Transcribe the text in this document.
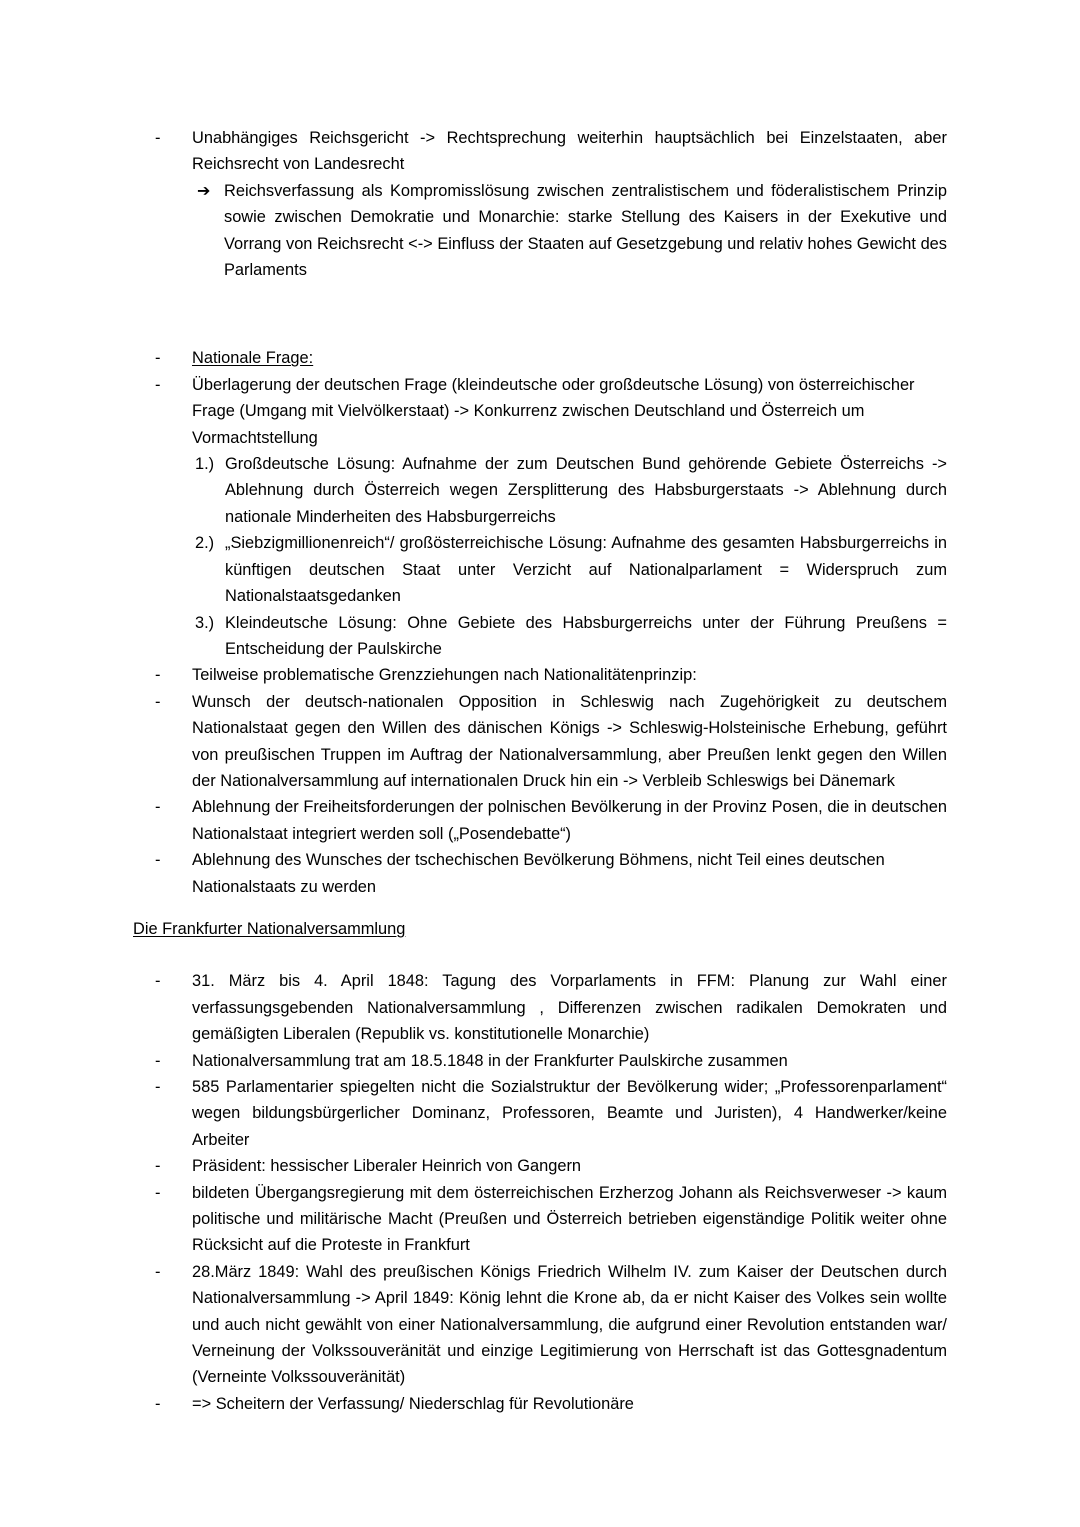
-	Unabhängiges Reichsgericht -> Rechtsprechung weiterhin hauptsächlich bei Einzelstaaten, aber Reichsrecht von Landesrecht
➔ Reichsverfassung als Kompromisslösung zwischen zentralistischem und föderalistischem Prinzip sowie zwischen Demokratie und Monarchie: starke Stellung des Kaisers in der Exekutive und Vorrang von Reichsrecht <-> Einfluss der Staaten auf Gesetzgebung und relativ hohes Gewicht des Parlaments
-	Nationale Frage:
-	Überlagerung der deutschen Frage (kleindeutsche oder großdeutsche Lösung) von österreichischer Frage (Umgang mit Vielvölkerstaat) -> Konkurrenz zwischen Deutschland und Österreich um Vormachtstellung
1.) Großdeutsche Lösung: Aufnahme der zum Deutschen Bund gehörende Gebiete Österreichs -> Ablehnung durch Österreich wegen Zersplitterung des Habsburgerstaats -> Ablehnung durch nationale Minderheiten des Habsburgerreichs
2.) „Siebzigmillionenreich“/ großösterreichische Lösung: Aufnahme des gesamten Habsburgerreichs in künftigen deutschen Staat unter Verzicht auf Nationalparlament = Widerspruch zum Nationalstaatsgedanken
3.) Kleindeutsche Lösung: Ohne Gebiete des Habsburgerreichs unter der Führung Preußens = Entscheidung der Paulskirche
-	Teilweise problematische Grenzziehungen nach Nationalitätenprinzip:
-	Wunsch der deutsch-nationalen Opposition in Schleswig nach Zugehörigkeit zu deutschem Nationalstaat gegen den Willen des dänischen Königs -> Schleswig-Holsteinische Erhebung, geführt von preußischen Truppen im Auftrag der Nationalversammlung, aber Preußen lenkt gegen den Willen der Nationalversammlung auf internationalen Druck hin ein -> Verbleib Schleswigs bei Dänemark
-	Ablehnung der Freiheitsforderungen der polnischen Bevölkerung in der Provinz Posen, die in deutschen Nationalstaat integriert werden soll („Posendebatte“)
-	Ablehnung des Wunsches der tschechischen Bevölkerung Böhmens, nicht Teil eines deutschen Nationalstaats zu werden
Die Frankfurter Nationalversammlung
-	31. März bis 4. April 1848: Tagung des Vorparlaments in FFM: Planung zur Wahl einer verfassungsgebenden Nationalversammlung , Differenzen zwischen radikalen Demokraten und gemäßigten Liberalen (Republik vs. konstitutionelle Monarchie)
-	Nationalversammlung trat am 18.5.1848 in der Frankfurter Paulskirche zusammen
-	585 Parlamentarier spiegelten nicht die Sozialstruktur der Bevölkerung wider; „Professorenparlament“ wegen bildungsbürgerlicher Dominanz, Professoren, Beamte und Juristen), 4 Handwerker/keine Arbeiter
-	Präsident: hessischer Liberaler Heinrich von Gangern
-	bildeten Übergangsregierung mit dem österreichischen Erzherzog Johann als Reichsverweser -> kaum politische und militärische Macht (Preußen und Österreich betrieben eigenständige Politik weiter ohne Rücksicht auf die Proteste in Frankfurt
-	28.März 1849: Wahl des preußischen Königs Friedrich Wilhelm IV. zum Kaiser der Deutschen durch Nationalversammlung -> April 1849: König lehnt die Krone ab, da er nicht Kaiser des Volkes sein wollte und auch nicht gewählt von einer Nationalversammlung, die aufgrund einer Revolution entstanden war/ Verneinung der Volkssouveränität und einzige Legitimierung von Herrschaft ist das Gottesgnadentum (Verneinte Volkssouveränität)
-	=> Scheitern der Verfassung/ Niederschlag für Revolutionäre
